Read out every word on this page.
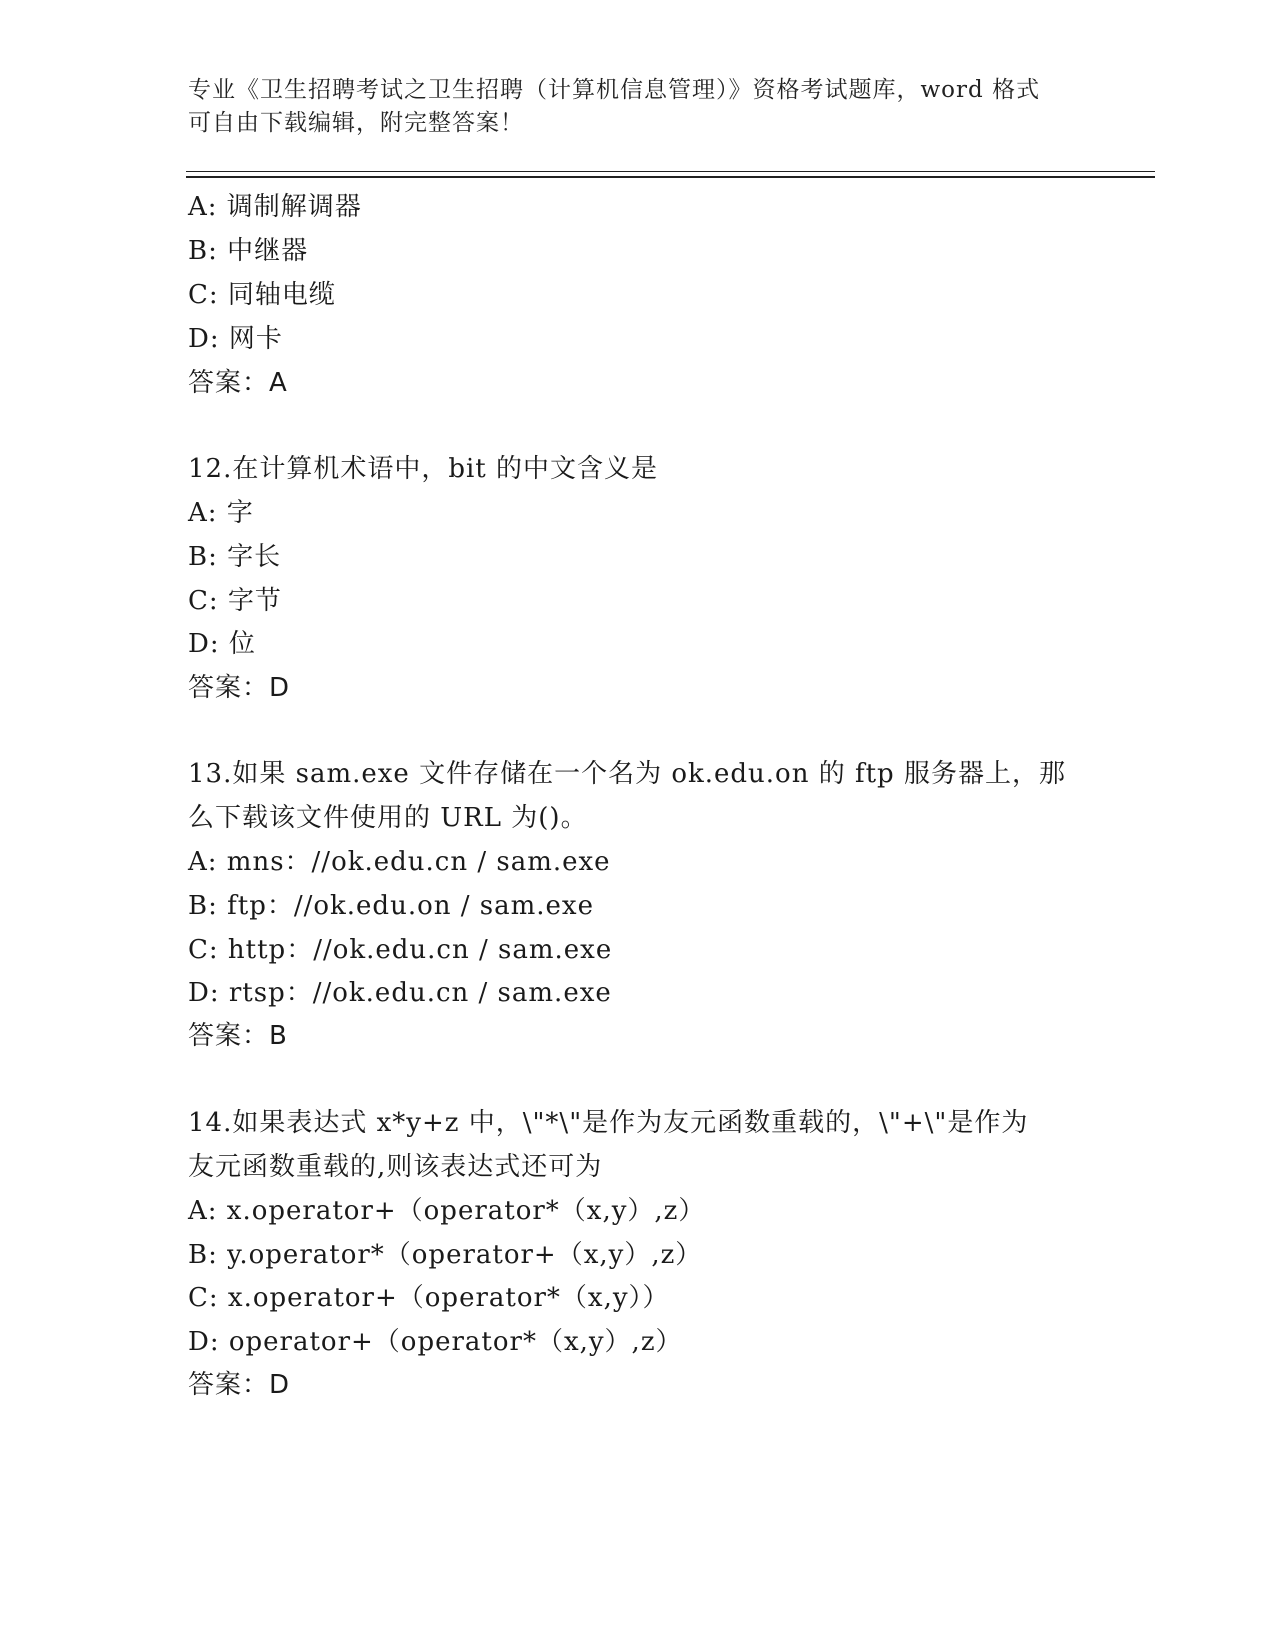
专业《卫生招聘考试之卫生招聘（计算机信息管理）》资格考试题库，word 格式
可自由下载编辑，附完整答案！
A: 调制解调器
B: 中继器
C: 同轴电缆
D: 网卡
答案：A
12.在计算机术语中，bit 的中文含义是
A: 字
B: 字长
C: 字节
D: 位
答案：D
13.如果 sam.exe 文件存储在一个名为 ok.edu.on 的 ftp 服务器上，那
么下载该文件使用的 URL 为()。
A: mns：//ok.edu.cn / sam.exe
B: ftp：//ok.edu.on / sam.exe
C: http：//ok.edu.cn / sam.exe
D: rtsp：//ok.edu.cn / sam.exe
答案：B
14.如果表达式 x*y+z 中，\"*\"是作为友元函数重载的，\"+\"是作为
友元函数重载的,则该表达式还可为
A: x.operator+（operator*（x,y）,z）
B: y.operator*（operator+（x,y）,z）
C: x.operator+（operator*（x,y））
D: operator+（operator*（x,y）,z）
答案：D
